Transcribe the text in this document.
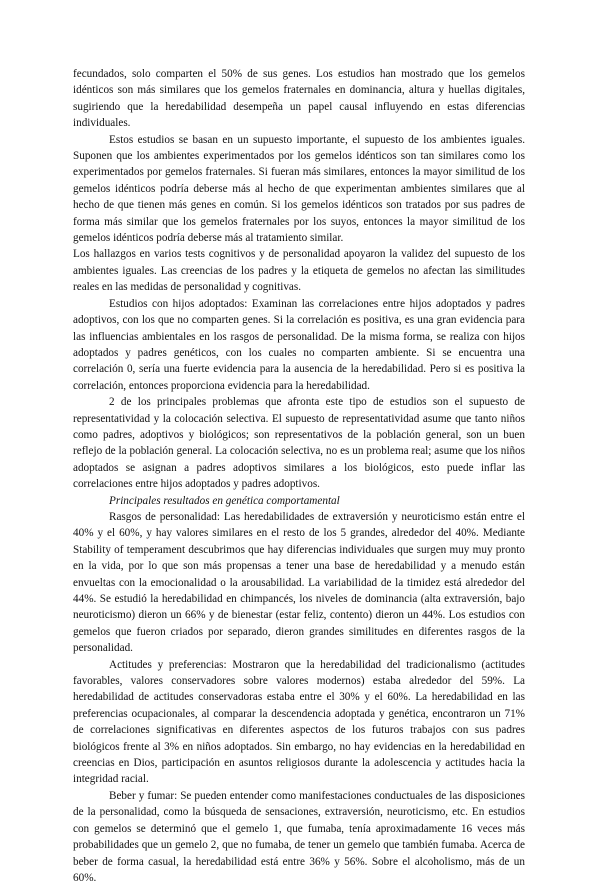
fecundados, solo comparten el 50% de sus genes. Los estudios han mostrado que los gemelos idénticos son más similares que los gemelos fraternales en dominancia, altura y huellas digitales, sugiriendo que la heredabilidad desempeña un papel causal influyendo en estas diferencias individuales.

Estos estudios se basan en un supuesto importante, el supuesto de los ambientes iguales. Suponen que los ambientes experimentados por los gemelos idénticos son tan similares como los experimentados por gemelos fraternales. Si fueran más similares, entonces la mayor similitud de los gemelos idénticos podría deberse más al hecho de que experimentan ambientes similares que al hecho de que tienen más genes en común. Si los gemelos idénticos son tratados por sus padres de forma más similar que los gemelos fraternales por los suyos, entonces la mayor similitud de los gemelos idénticos podría deberse más al tratamiento similar.

Los hallazgos en varios tests cognitivos y de personalidad apoyaron la validez del supuesto de los ambientes iguales. Las creencias de los padres y la etiqueta de gemelos no afectan las similitudes reales en las medidas de personalidad y cognitivas.

Estudios con hijos adoptados: Examinan las correlaciones entre hijos adoptados y padres adoptivos, con los que no comparten genes. Si la correlación es positiva, es una gran evidencia para las influencias ambientales en los rasgos de personalidad. De la misma forma, se realiza con hijos adoptados y padres genéticos, con los cuales no comparten ambiente. Si se encuentra una correlación 0, sería una fuerte evidencia para la ausencia de la heredabilidad. Pero si es positiva la correlación, entonces proporciona evidencia para la heredabilidad.

2 de los principales problemas que afronta este tipo de estudios son el supuesto de representatividad y la colocación selectiva. El supuesto de representatividad asume que tanto niños como padres, adoptivos y biológicos; son representativos de la población general, son un buen reflejo de la población general. La colocación selectiva, no es un problema real; asume que los niños adoptados se asignan a padres adoptivos similares a los biológicos, esto puede inflar las correlaciones entre hijos adoptados y padres adoptivos.

Principales resultados en genética comportamental

Rasgos de personalidad: Las heredabilidades de extraversión y neuroticismo están entre el 40% y el 60%, y hay valores similares en el resto de los 5 grandes, alrededor del 40%. Mediante Stability of temperament descubrimos que hay diferencias individuales que surgen muy muy pronto en la vida, por lo que son más propensas a tener una base de heredabilidad y a menudo están envueltas con la emocionalidad o la arousabilidad. La variabilidad de la timidez está alrededor del 44%. Se estudió la heredabilidad en chimpancés, los niveles de dominancia (alta extraversión, bajo neuroticismo) dieron un 66% y de bienestar (estar feliz, contento) dieron un 44%. Los estudios con gemelos que fueron criados por separado, dieron grandes similitudes en diferentes rasgos de la personalidad.

Actitudes y preferencias: Mostraron que la heredabilidad del tradicionalismo (actitudes favorables, valores conservadores sobre valores modernos) estaba alrededor del 59%. La heredabilidad de actitudes conservadoras estaba entre el 30% y el 60%. La heredabilidad en las preferencias ocupacionales, al comparar la descendencia adoptada y genética, encontraron un 71% de correlaciones significativas en diferentes aspectos de los futuros trabajos con sus padres biológicos frente al 3% en niños adoptados. Sin embargo, no hay evidencias en la heredabilidad en creencias en Dios, participación en asuntos religiosos durante la adolescencia y actitudes hacia la integridad racial.

Beber y fumar: Se pueden entender como manifestaciones conductuales de las disposiciones de la personalidad, como la búsqueda de sensaciones, extraversión, neuroticismo, etc. En estudios con gemelos se determinó que el gemelo 1, que fumaba, tenía aproximadamente 16 veces más probabilidades que un gemelo 2, que no fumaba, de tener un gemelo que también fumaba. Acerca de beber de forma casual, la heredabilidad está entre 36% y 56%. Sobre el alcoholismo, más de un 60%.
